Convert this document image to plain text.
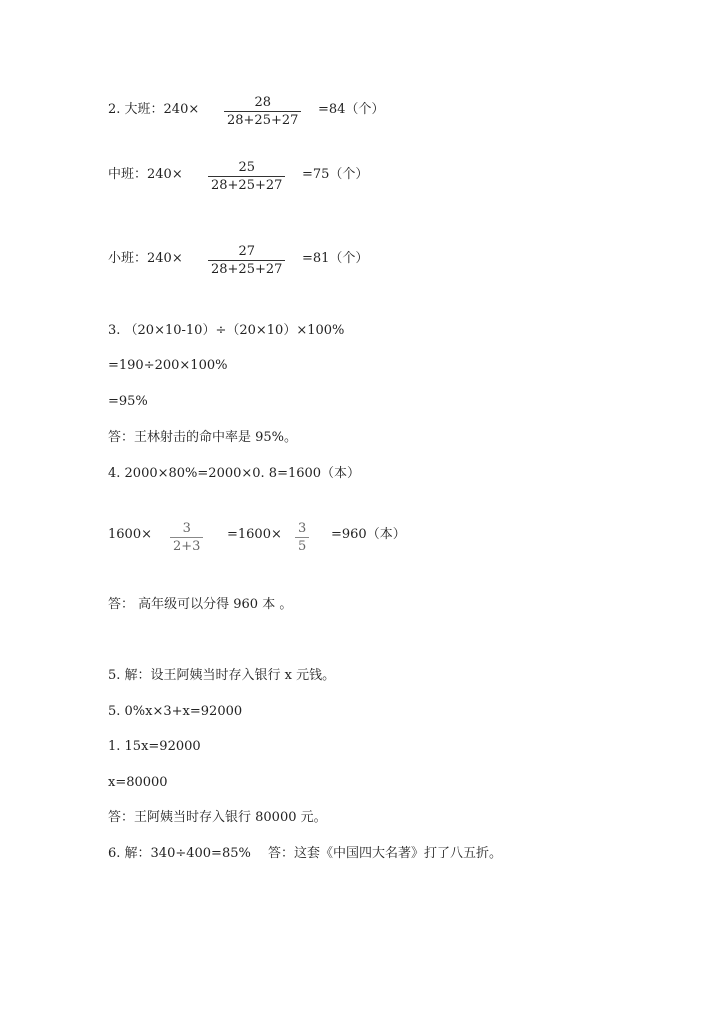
2. 大班：240×	28
28+25+27
=84（个）
中班：240×	25
28+25+27
=75（个）
小班：240×	27
28+25+27
=81（个）
3. （20×10-10）÷（20×10）×100%
=190÷200×100%
=95%
答：王林射击的命中率是 95%。
4. 2000×80%=2000×0. 8=1600（本）
1600×	3
2+3
=1600× 3
5
=960（本）
答： 高年级可以分得 960 本 。
5. 解：设王阿姨当时存入银行 x 元钱。
5. 0%x×3+x=92000
1. 15x=92000
x=80000
答：王阿姨当时存入银行 80000 元。
6. 解：340÷400=85% 答：这套《中国四大名著》打了八五折。
